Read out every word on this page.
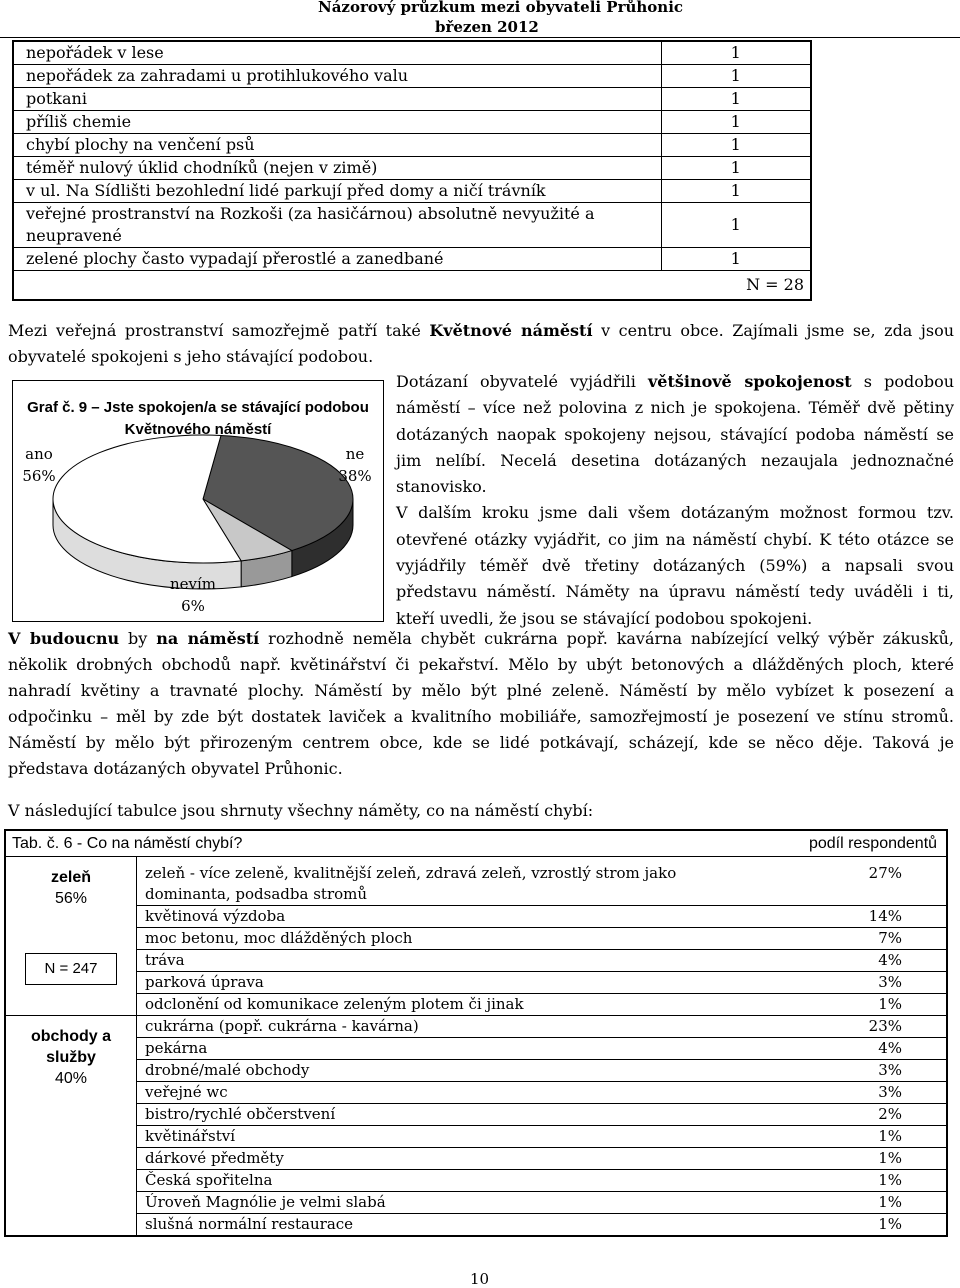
Názorový průzkum mezi obyvateli Průhonic
březen 2012
nepořádek v lese	1
nepořádek za zahradami u protihlukového valu	1
potkani	1
příliš chemie	1
chybí plochy na venčení psů	1
téměř nulový úklid chodníků (nejen v zimě)	1
v ul. Na Sídlišti bezohlední lidé parkují před domy a ničí trávník	1
veřejné prostranství na Rozkoši (za hasičárnou) absolutně nevyužité a neupravené	1
zelené plochy často vypadají přerostlé a zanedbané	1
	N = 28
Mezi veřejná prostranství samozřejmě patří také Květnové náměstí v centru obce. Zajímali jsme se, zda jsou obyvatelé spokojeni s jeho stávající podobou.
Graf č. 9 – Jste spokojen/a se stávající podobou Květnového náměstí
ano
56%
ne
38%
nevím
6%
N = 247
Dotázaní obyvatelé vyjádřili většinově spokojenost s podobou náměstí – více než polovina z nich je spokojena. Téměř dvě pětiny dotázaných naopak spokojeny nejsou, stávající podoba náměstí se jim nelíbí. Necelá desetina dotázaných nezaujala jednoznačné stanovisko.
V dalším kroku jsme dali všem dotázaným možnost formou tzv. otevřené otázky vyjádřit, co jim na náměstí chybí. K této otázce se vyjádřily téměř dvě třetiny dotázaných (59%) a napsali svou představu náměstí. Náměty na úpravu náměstí tedy uváděli i ti, kteří uvedli, že jsou se stávající podobou spokojeni.
V budoucnu by na náměstí rozhodně neměla chybět cukrárna popř. kavárna nabízející velký výběr zákusků, několik drobných obchodů např. květinářství či pekařství. Mělo by ubýt betonových a dlážděných ploch, které nahradí květiny a travnaté plochy. Náměstí by mělo být plné zeleně. Náměstí by mělo vybízet k posezení a odpočinku – měl by zde být dostatek laviček a kvalitního mobiliáře, samozřejmostí je posezení ve stínu stromů. Náměstí by mělo být přirozeným centrem obce, kde se lidé potkávají, scházejí, kde se něco děje. Taková je představa dotázaných obyvatel Průhonic.
V následující tabulce jsou shrnuty všechny náměty, co na náměstí chybí:
Tab. č. 6 - Co na náměstí chybí?		podíl respondentů

zeleň
56%	zeleň - více zeleně, kvalitnější zeleň, zdravá zeleň, vzrostlý strom jako dominanta, podsadba stromů	27%
	květinová výzdoba	14%
	moc betonu, moc dlážděných ploch	7%
	tráva	4%
	parková úprava	3%
	odclonění od komunikace zeleným plotem či jinak	1%

obchody a služby
40%	cukrárna (popř. cukrárna - kavárna)	23%
	pekárna	4%
	drobné/malé obchody	3%
	veřejné wc	3%
	bistro/rychlé občerstvení	2%
	květinářství	1%
	dárkové předměty	1%
	Česká spořitelna	1%
	Úroveň Magnólie je velmi slabá	1%
	slušná normální restaurace	1%
10
